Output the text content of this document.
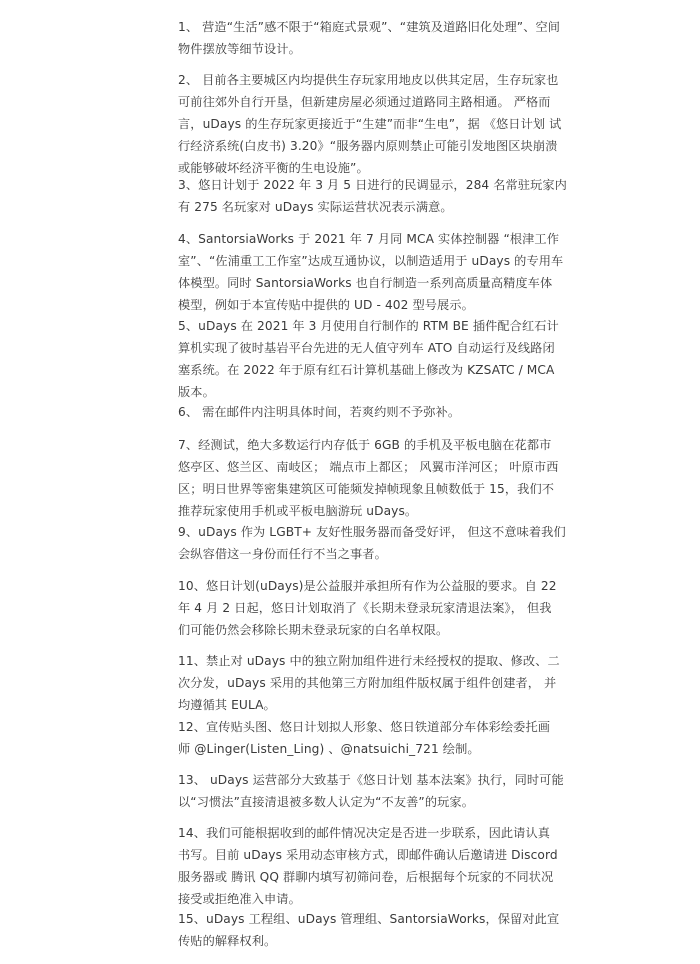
1、 营造“生活”感不限于“箱庭式景观”、“建筑及道路旧化处理”、空间
物件摆放等细节设计。
2、 目前各主要城区内均提供生存玩家用地皮以供其定居，生存玩家也
可前往郊外自行开垦，但新建房屋必须通过道路同主路相通。 严格而
言，uDays 的生存玩家更接近于“生建”而非“生电”，据 《悠日计划 试
行经济系统(白皮书) 3.20》“服务器内原则禁止可能引发地图区块崩溃
或能够破坏经济平衡的生电设施”。
3、悠日计划于 2022 年 3 月 5 日进行的民调显示，284 名常驻玩家内
有 275 名玩家对 uDays 实际运营状况表示满意。
4、SantorsiaWorks 于 2021 年 7 月同 MCA 实体控制器 “根津工作
室”、“佐浦重工工作室”达成互通协议，以制造适用于 uDays 的专用车
体模型。同时 SantorsiaWorks 也自行制造一系列高质量高精度车体
模型，例如于本宣传贴中提供的 UD - 402 型号展示。
5、uDays 在 2021 年 3 月使用自行制作的 RTM BE 插件配合红石计
算机实现了彼时基岩平台先进的无人值守列车 ATO 自动运行及线路闭
塞系统。在 2022 年于原有红石计算机基础上修改为 KZSATC / MCA
版本。
6、 需在邮件内注明具体时间，若爽约则不予弥补。
7、经测试，绝大多数运行内存低于 6GB 的手机及平板电脑在花都市
悠亭区、悠兰区、南岐区； 端点市上都区； 风翼市洋河区； 叶原市西
区；明日世界等密集建筑区可能频发掉帧现象且帧数低于 15，我们不
推荐玩家使用手机或平板电脑游玩 uDays。
9、uDays 作为 LGBT+ 友好性服务器而备受好评， 但这不意味着我们
会纵容借这一身份而任行不当之事者。
10、悠日计划(uDays)是公益服并承担所有作为公益服的要求。自 22
年 4 月 2 日起，悠日计划取消了《长期未登录玩家清退法案》， 但我
们可能仍然会移除长期未登录玩家的白名单权限。
11、禁止对 uDays 中的独立附加组件进行未经授权的提取、修改、二
次分发，uDays 采用的其他第三方附加组件版权属于组件创建者， 并
均遵循其 EULA。
12、宣传贴头图、悠日计划拟人形象、悠日铁道部分车体彩绘委托画
师 @Linger(Listen_Ling) 、@natsuichi_721 绘制。
13、 uDays 运营部分大致基于《悠日计划 基本法案》执行，同时可能
以“习惯法”直接清退被多数人认定为“不友善”的玩家。
14、我们可能根据收到的邮件情况决定是否进一步联系，因此请认真
书写。目前 uDays 采用动态审核方式，即邮件确认后邀请进 Discord
服务器或 腾讯 QQ 群聊内填写初筛问卷，后根据每个玩家的不同状况
接受或拒绝准入申请。
15、uDays 工程组、uDays 管理组、SantorsiaWorks，保留对此宣
传贴的解释权利。
